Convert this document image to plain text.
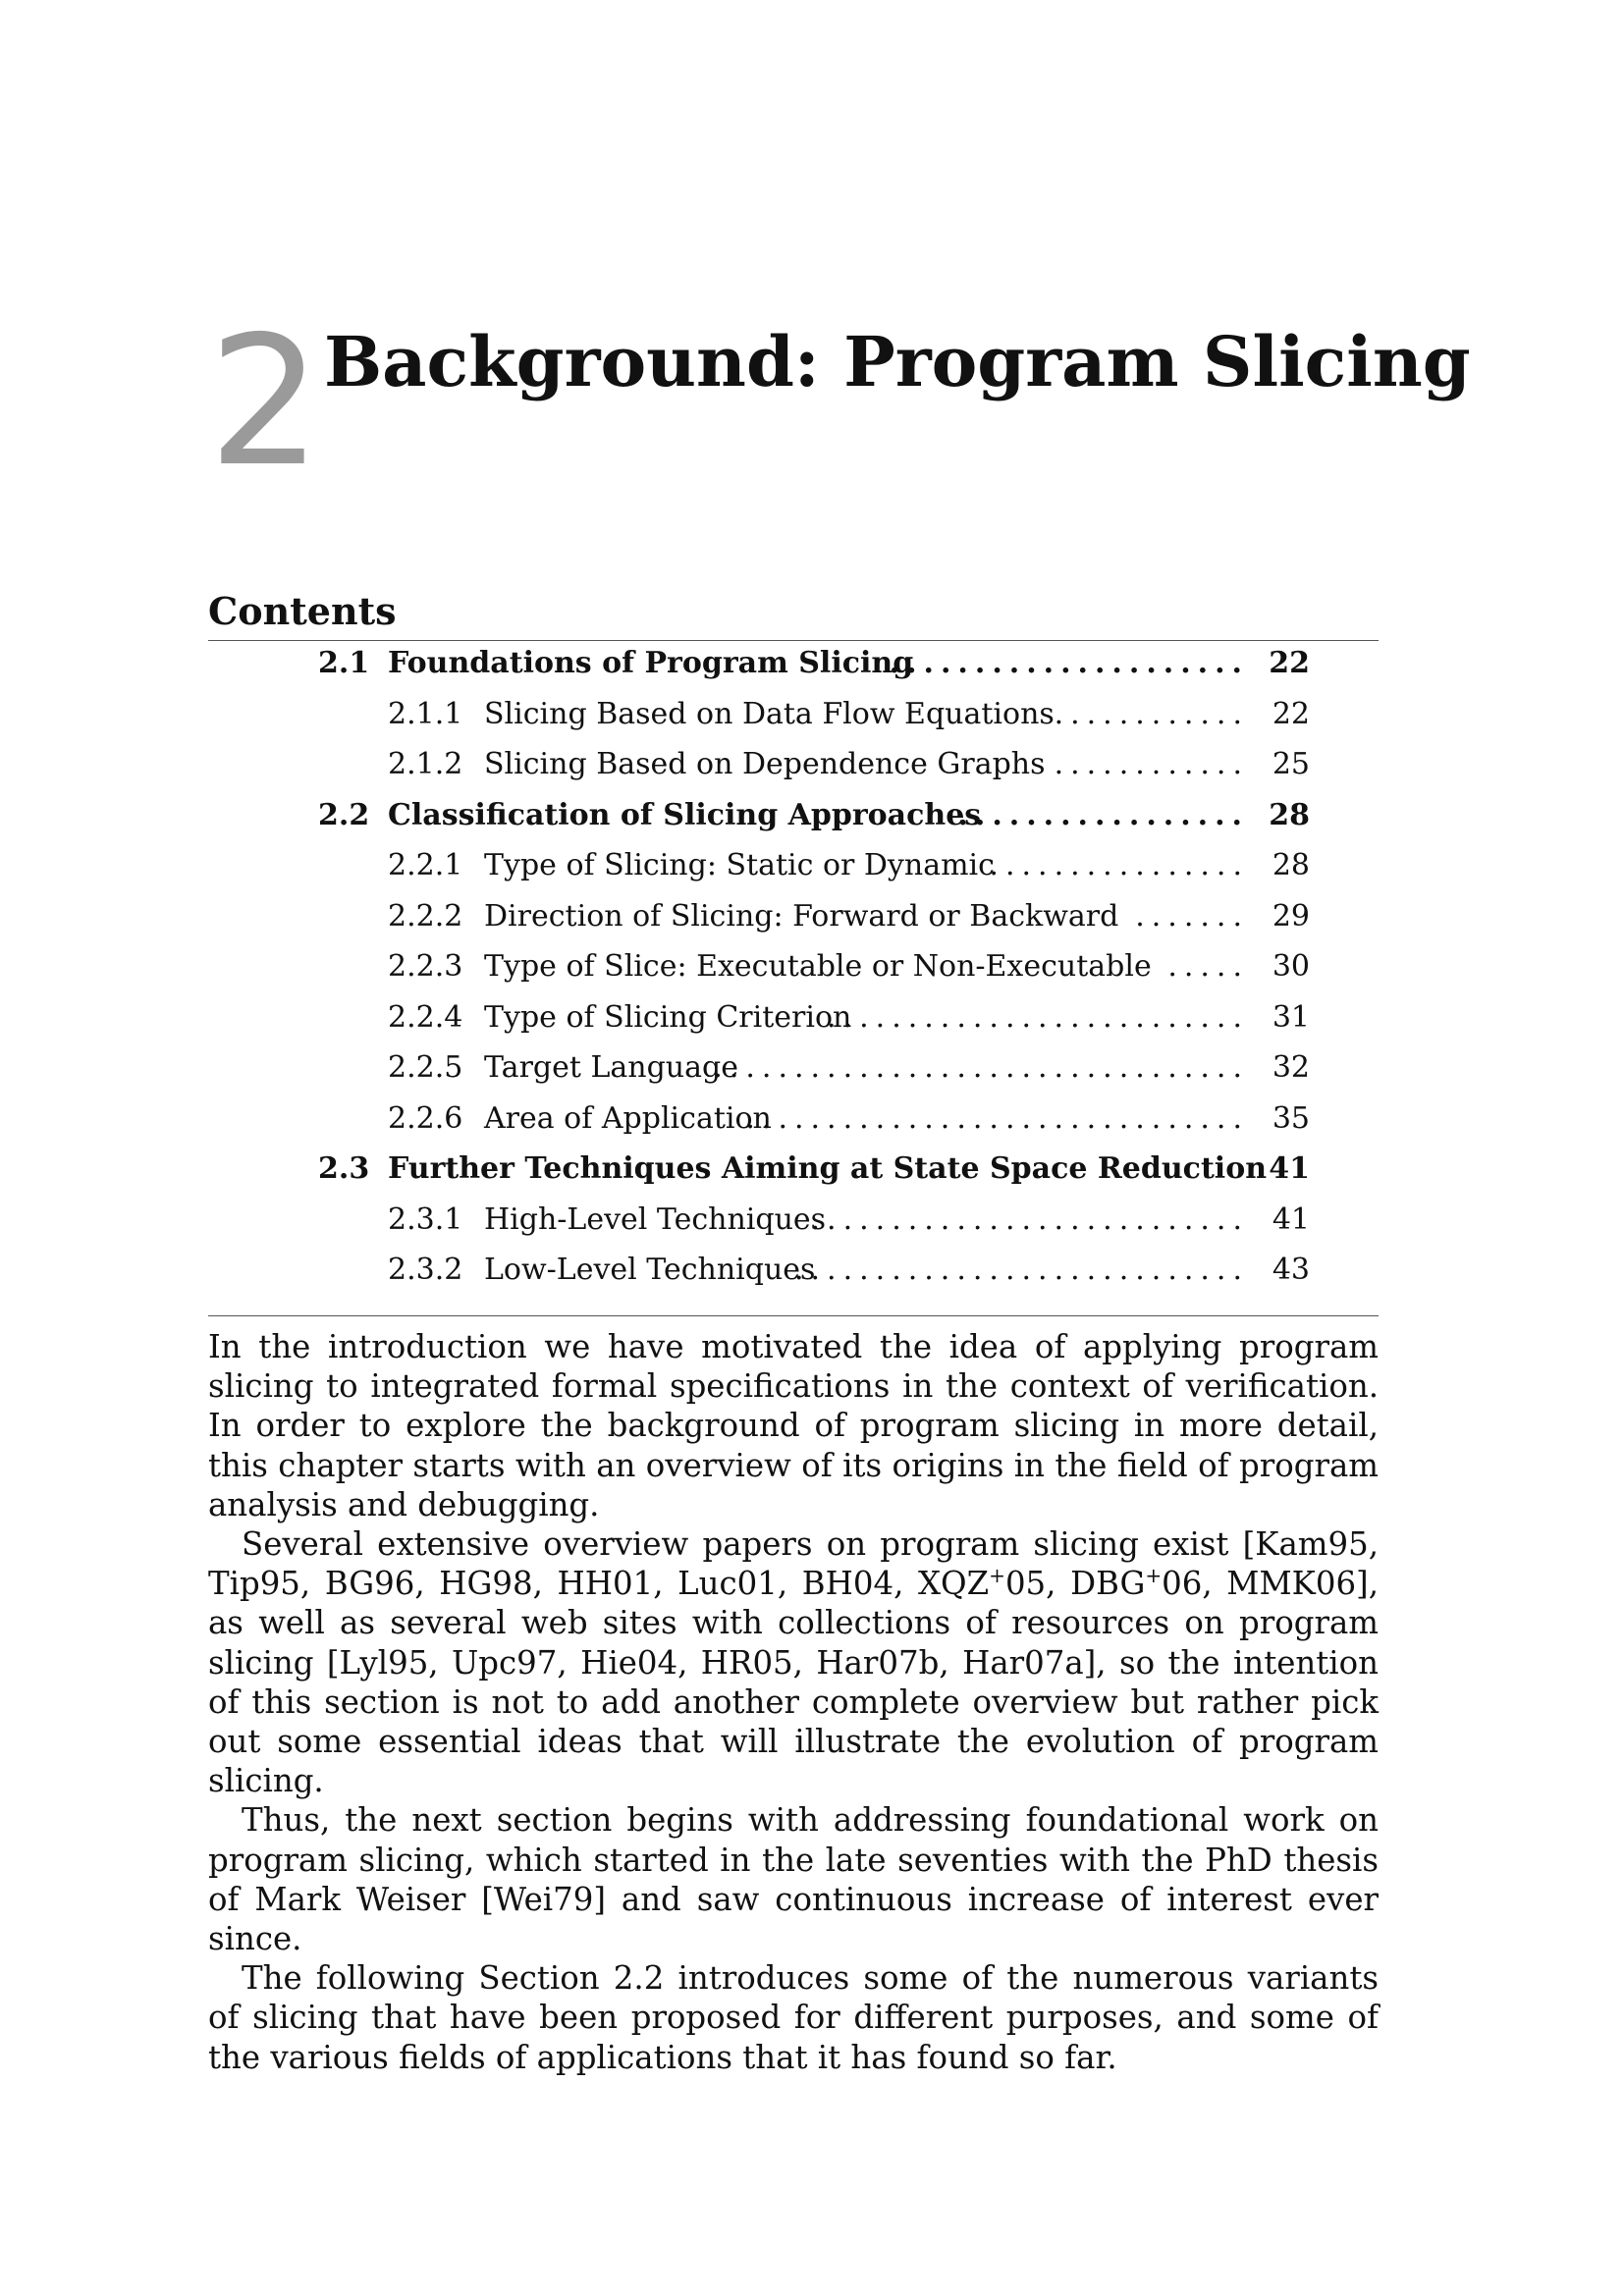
2 Background: Program Slicing
Contents
2.1 Foundations of Program Slicing
..................... 22
2.1.1 Slicing Based on Data Flow Equations ............ 22
2.1.2 Slicing Based on Dependence Graphs ............ 25
2.2 Classification of Slicing Approaches
................. 28
2.2.1 Type of Slicing: Static or Dynamic
................ 28
2.2.2 Direction of Slicing: Forward or Backward ....... 29
2.2.3 Type of Slice: Executable or Non-Executable ..... 30
2.2.4 Type of Slicing Criterion
.......................... 31
2.2.5 Target Language
................................. 32
2.2.6 Area of Application
............................... 35
2.3 Further Techniques Aiming at State Space Reduction 41
2.3.1 High-Level Techniques
........................... 41
2.3.2 Low-Level Techniques
............................ 43

In the introduction we have motivated the idea of applying program slicing to integrated formal specifications in the context of verification. In order to explore the background of program slicing in more detail, this chapter starts with an overview of its origins in the field of program analysis and debugging.

Several extensive overview papers on program slicing exist [Kam95, Tip95, BG96, HG98, HH01, Luc01, BH04, XQZ+05, DBG+06, MMK06], as well as several web sites with collections of resources on program slicing [Lyl95, Upc97, Hie04, HR05, Har07b, Har07a], so the intention of this section is not to add another complete overview but rather pick out some essential ideas that will illustrate the evolution of program slicing.

Thus, the next section begins with addressing foundational work on program slicing, which started in the late seventies with the PhD thesis of Mark Weiser [Wei79] and saw continuous increase of interest ever since.

The following Section 2.2 introduces some of the numerous variants of slicing that have been proposed for different purposes, and some of the various fields of applications that it has found so far.
